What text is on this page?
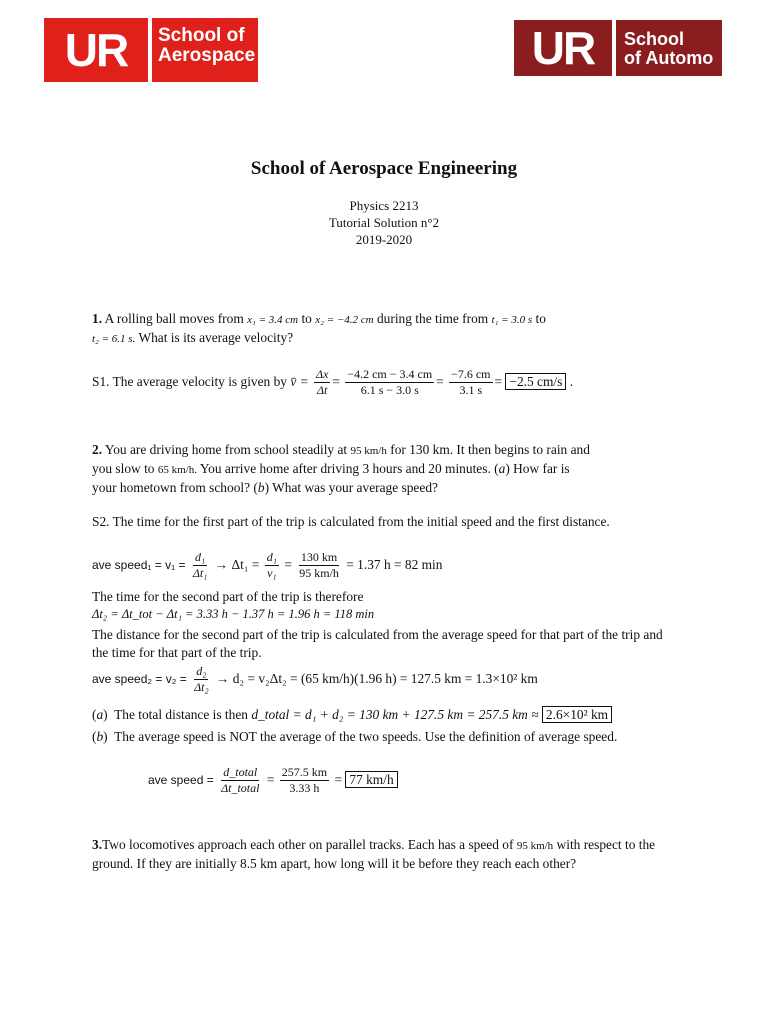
UR	School of
Aerospace	UR	School
of Automo
School of Aerospace Engineering
Physics 2213
Tutorial Solution n°2
2019-2020
1. A rolling ball moves from x₁ = 3.4 cm to x₂ = −4.2 cm during the time from t₁ = 3.0 s to
t₂ = 6.1 s. What is its average velocity?
S1. The average velocity is given by v̄ = $\frac{\Delta x}{\Delta t} = \frac{-4.2 cm - 3.4 cm}{6.1 s - 3.0 s} = \frac{-7.6 cm}{3.1 s} = -2.5$ cm/s .
2. You are driving home from school steadily at 95 km/h for 130 km. It then begins to rain and
you slow to 65 km/h. You arrive home after driving 3 hours and 20 minutes. (a) How far is
your hometown from school? (b) What was your average speed?
S2. The time for the first part of the trip is calculated from the initial speed and the first distance.
ave speed₁ = $v_1 = \frac{\text{d₁}}{\text{Δt₁}} \to \Delta t_1 = \frac{\text{d₁}}{\text{v₁}} = \frac{130 km}{95 km/h} = 1.37$ h = 82 min
The time for the second part of the trip is therefore
Δt₂ = Δt_tot − Δt₁ = 3.33 h − 1.37 h = 1.96 h = 118 min
The distance for the second part of the trip is calculated from the average speed for that part of the trip and the time for that part of the trip.
ave speed₂ = $v_2 = \frac{\text{d₂}}{\text{Δt₂}} \to d_2 = v_2\Delta t_2 = (65$ km/h)(1.96 h) = 127.5 km = 1.3×10² km
(a)  The total distance is then d_total = d₁ + d₂ = 130 km + 127.5 km = 257.5 km ≈ 2.6×10² km
(b)  The average speed is NOT the average of the two speeds. Use the definition of average speed.
ave speed = $\frac{\text{d\_total}}{\text{Δt\_total}} = \frac{257.5 km}{3.33 h} = 77$ km/h
3.Two locomotives approach each other on parallel tracks. Each has a speed of 95 km/h with respect to the ground. If they are initially 8.5 km apart, how long will it be before they reach each other?
